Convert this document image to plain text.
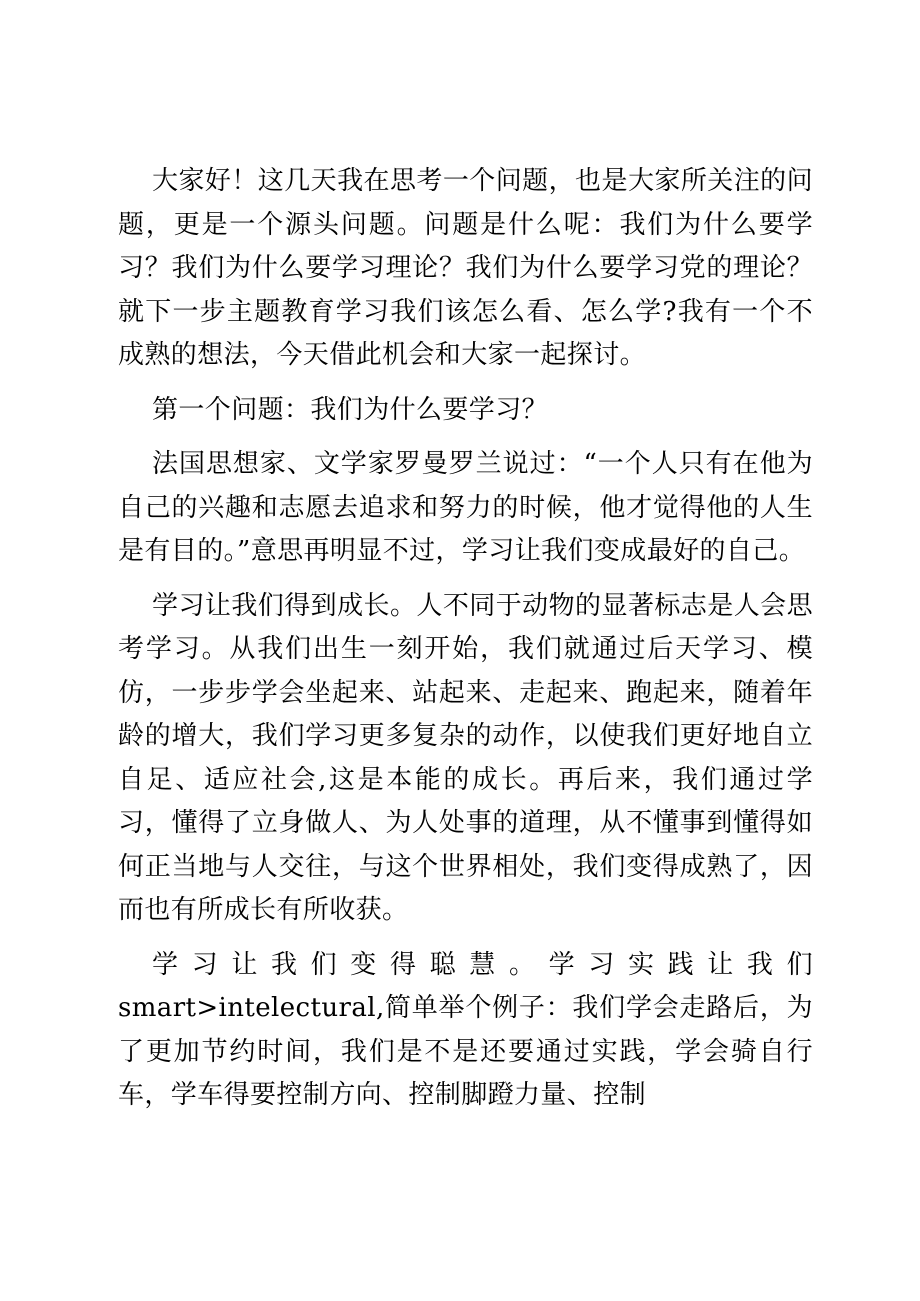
大家好！这几天我在思考一个问题，也是大家所关注的问题，更是一个源头问题。问题是什么呢：我们为什么要学习？我们为什么要学习理论？我们为什么要学习党的理论？就下一步主题教育学习我们该怎么看、怎么学?我有一个不成熟的想法，今天借此机会和大家一起探讨。

第一个问题：我们为什么要学习？

法国思想家、文学家罗曼罗兰说过：“一个人只有在他为自己的兴趣和志愿去追求和努力的时候，他才觉得他的人生是有目的。”意思再明显不过，学习让我们变成最好的自己。

学习让我们得到成长。人不同于动物的显著标志是人会思考学习。从我们出生一刻开始，我们就通过后天学习、模仿，一步步学会坐起来、站起来、走起来、跑起来，随着年龄的增大，我们学习更多复杂的动作，以使我们更好地自立自足、适应社会,这是本能的成长。再后来，我们通过学习，懂得了立身做人、为人处事的道理，从不懂事到懂得如何正当地与人交往，与这个世界相处，我们变得成熟了，因而也有所成长有所收获。

学习让我们变得聪慧。学习实践让我们smart>intelectural,简单举个例子：我们学会走路后，为了更加节约时间，我们是不是还要通过实践，学会骑自行车，学车得要控制方向、控制脚蹬力量、控制
